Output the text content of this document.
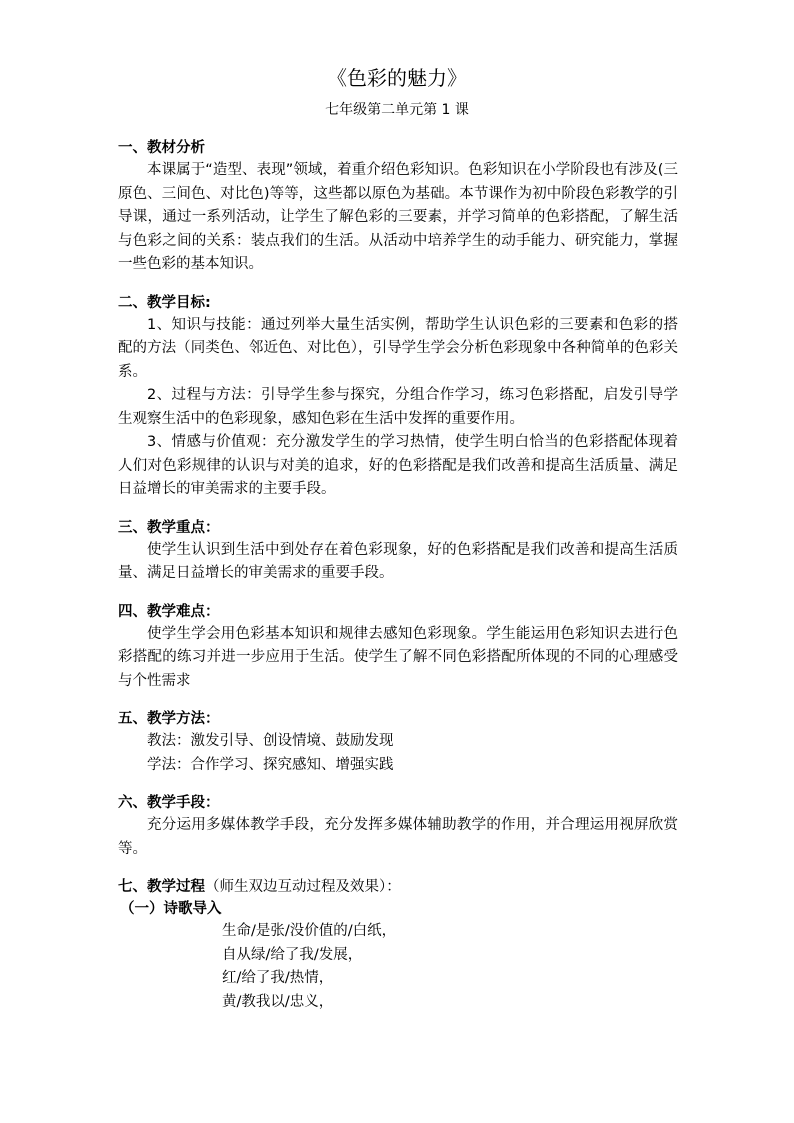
《色彩的魅力》
七年级第二单元第 1 课

一、教材分析

本课属于“造型、表现”领域，着重介绍色彩知识。色彩知识在小学阶段也有涉及(三原色、三间色、对比色)等等，这些都以原色为基础。本节课作为初中阶段色彩教学的引导课，通过一系列活动，让学生了解色彩的三要素，并学习简单的色彩搭配，了解生活与色彩之间的关系：装点我们的生活。从活动中培养学生的动手能力、研究能力，掌握一些色彩的基本知识。

二、教学目标:

1、知识与技能：通过列举大量生活实例，帮助学生认识色彩的三要素和色彩的搭配的方法（同类色、邻近色、对比色），引导学生学会分析色彩现象中各种简单的色彩关系。

2、过程与方法：引导学生参与探究，分组合作学习，练习色彩搭配，启发引导学生观察生活中的色彩现象，感知色彩在生活中发挥的重要作用。

3、情感与价值观：充分激发学生的学习热情，使学生明白恰当的色彩搭配体现着人们对色彩规律的认识与对美的追求，好的色彩搭配是我们改善和提高生活质量、满足日益增长的审美需求的主要手段。

三、教学重点：

使学生认识到生活中到处存在着色彩现象，好的色彩搭配是我们改善和提高生活质量、满足日益增长的审美需求的重要手段。

四、教学难点：

使学生学会用色彩基本知识和规律去感知色彩现象。学生能运用色彩知识去进行色彩搭配的练习并进一步应用于生活。使学生了解不同色彩搭配所体现的不同的心理感受与个性需求

五、教学方法：

教法：激发引导、创设情境、鼓励发现

学法：合作学习、探究感知、增强实践

六、教学手段：

充分运用多媒体教学手段，充分发挥多媒体辅助教学的作用，并合理运用视屏欣赏等。

七、教学过程（师生双边互动过程及效果）：

（一）诗歌导入

生命/是张/没价值的/白纸，
自从绿/给了我/发展，
红/给了我/热情，
黄/教我以/忠义，
